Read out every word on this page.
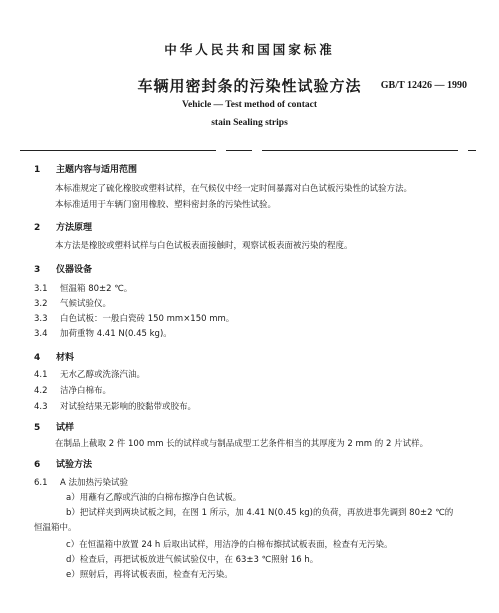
中华人民共和国国家标准
车辆用密封条的污染性试验方法	GB/T 12426 — 1990
Vehicle — Test method of contact
stain Sealing strips
1 主题内容与适用范围
本标准规定了硫化橡胶或塑料试样，在气候仪中经一定时间暴露对白色试板污染性的试验方法。
本标准适用于车辆门窗用橡胶、塑料密封条的污染性试验。
2 方法原理
本方法是橡胶或塑料试样与白色试板表面接触时，观察试板表面被污染的程度。
3 仪器设备
3.1 恒温箱 80±2 ℃。
3.2 气候试验仪。
3.3 白色试板：一般白瓷砖 150 mm×150 mm。
3.4 加荷重物 4.41 N(0.45 kg)。
4 材料
4.1 无水乙醇或洗涤汽油。
4.2 洁净白棉布。
4.3 对试验结果无影响的胶黏带或胶布。
5 试样
在制品上截取 2 件 100 mm 长的试样或与制品成型工艺条件相当的其厚度为 2 mm 的 2 片试样。
6 试验方法
6.1 A 法加热污染试验
a）用蘸有乙醇或汽油的白棉布擦净白色试板。
b）把试样夹到两块试板之间，在图 1 所示，加 4.41 N(0.45 kg)的负荷，再放进事先调到 80±2 ℃的
恒温箱中。
c）在恒温箱中放置 24 h 后取出试样，用洁净的白棉布擦拭试板表面，检查有无污染。
d）检查后，再把试板放进气候试验仪中，在 63±3 ℃照射 16 h。
e）照射后，再将试板表面，检查有无污染。
